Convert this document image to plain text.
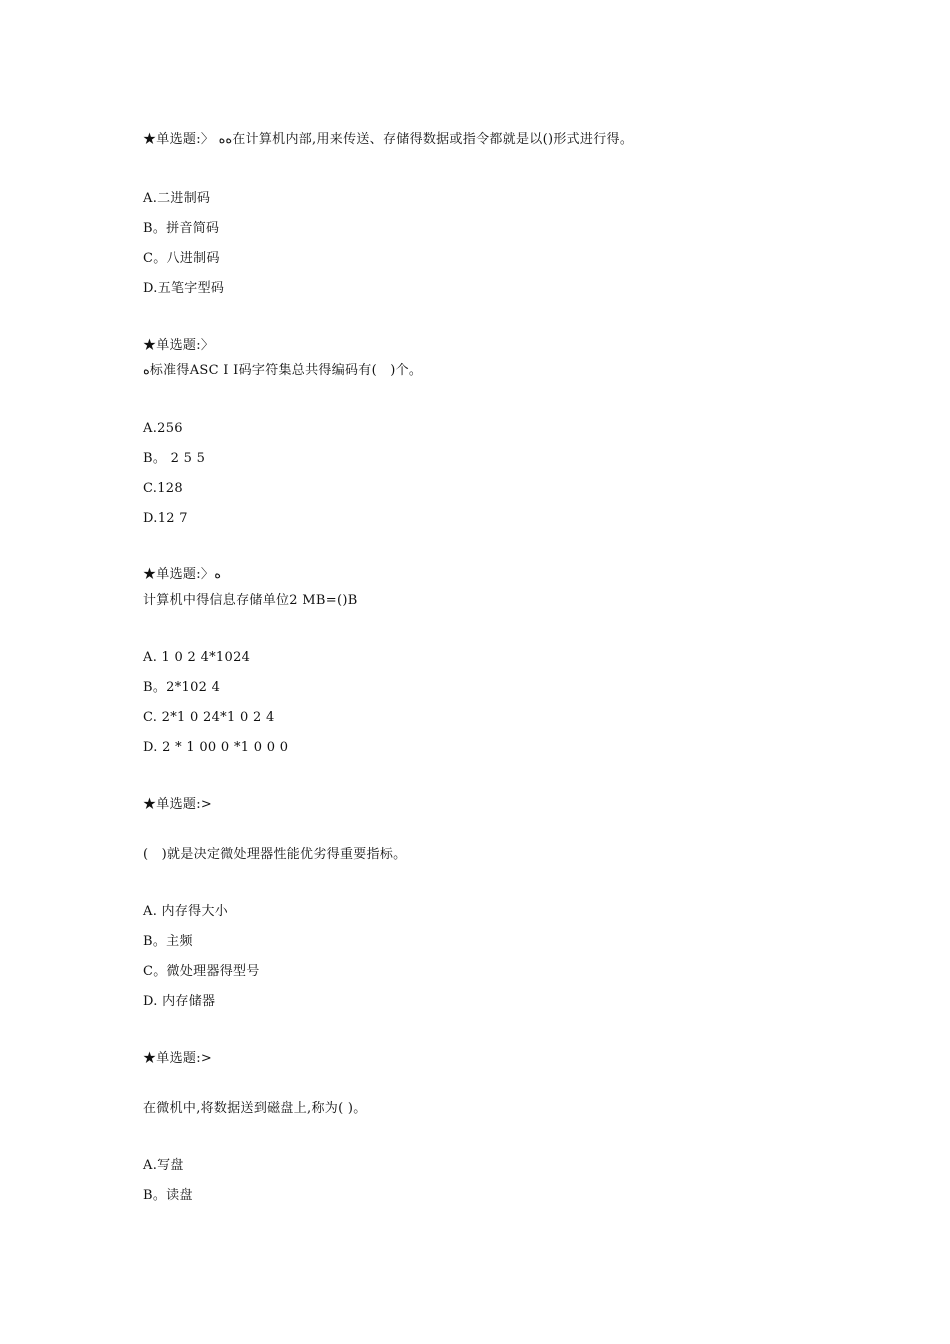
★单选题:〉 ﻩﻩ在计算机内部,用来传送、存储得数据或指令都就是以()形式进行得。
A.二进制码
B。拼音简码
C。八进制码
D.五笔字型码
★单选题:〉
ﻩ标准得ASC I I码字符集总共得编码有(   )个。
A.256
B。 2 5 5
C.128
D.12 7
★单选题:〉ﻩ
计算机中得信息存储单位2 MB=()B
A. 1 0 2 4*1024
B。2*102 4
C. 2*1 0 24*1 0 2 4
D. 2 * 1 00 0 *1 0 0 0
★单选题:>
(   )就是决定微处理器性能优劣得重要指标。
A. 内存得大小
B。主频
C。微处理器得型号
D. 内存储器
★单选题:>
在微机中,将数据送到磁盘上,称为( )。
A.写盘
B。读盘
